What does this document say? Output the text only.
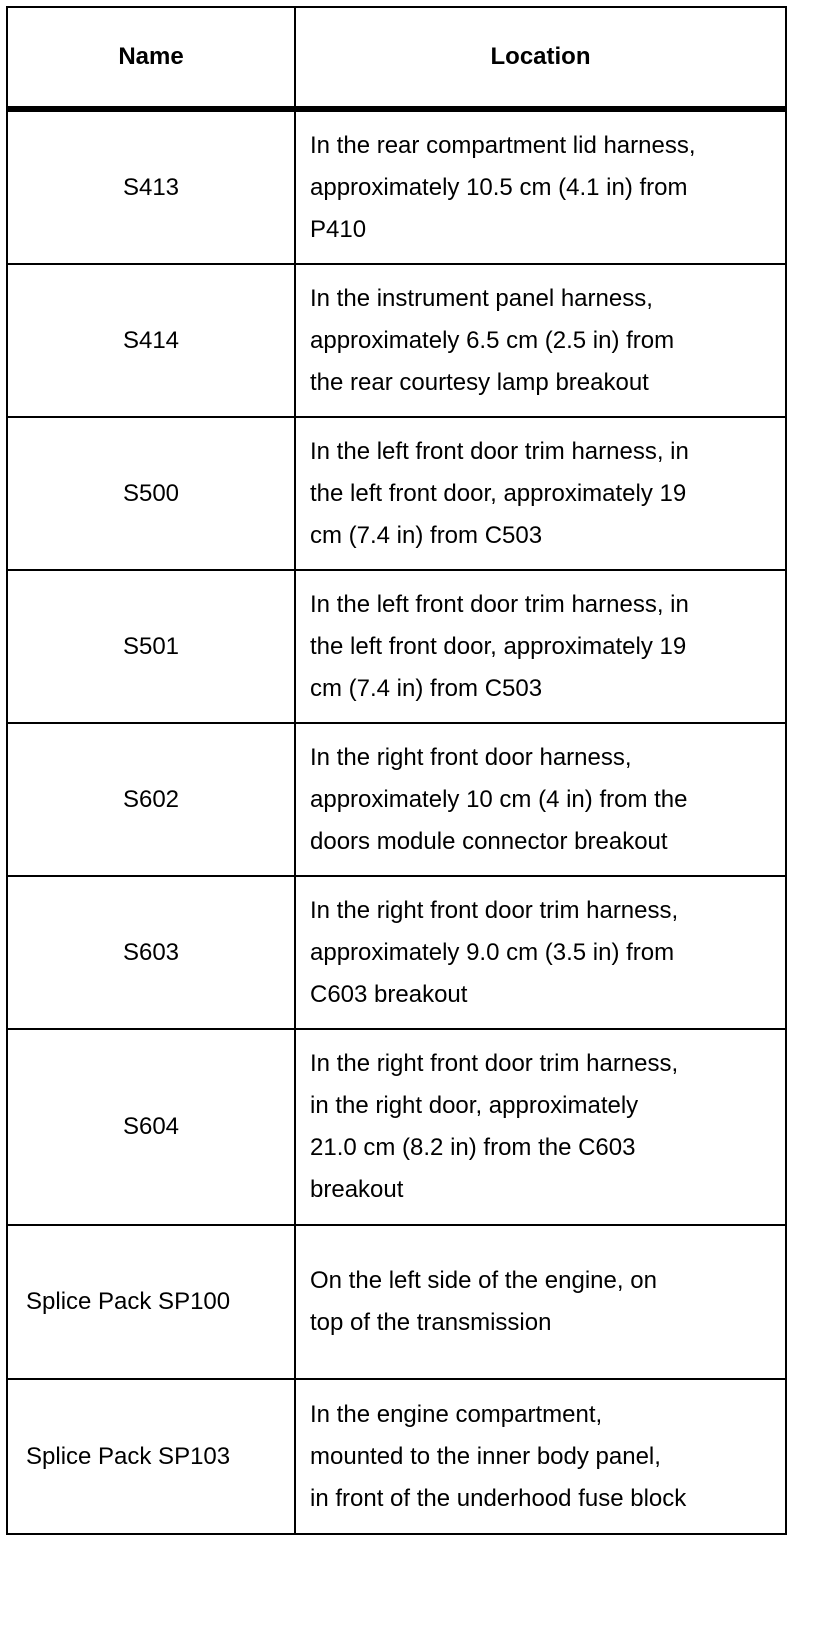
Name	Location
S413	In the rear compartment lid harness,
approximately 10.5 cm (4.1 in) from
P410
S414	In the instrument panel harness,
approximately 6.5 cm (2.5 in) from
the rear courtesy lamp breakout
S500	In the left front door trim harness, in
the left front door, approximately 19
cm (7.4 in) from C503
S501	In the left front door trim harness, in
the left front door, approximately 19
cm (7.4 in) from C503
S602	In the right front door harness,
approximately 10 cm (4 in) from the
doors module connector breakout
S603	In the right front door trim harness,
approximately 9.0 cm (3.5 in) from
C603 breakout
S604	In the right front door trim harness,
in the right door, approximately
21.0 cm (8.2 in) from the C603
breakout
Splice Pack SP100	On the left side of the engine, on
top of the transmission
Splice Pack SP103	In the engine compartment,
mounted to the inner body panel,
in front of the underhood fuse block
